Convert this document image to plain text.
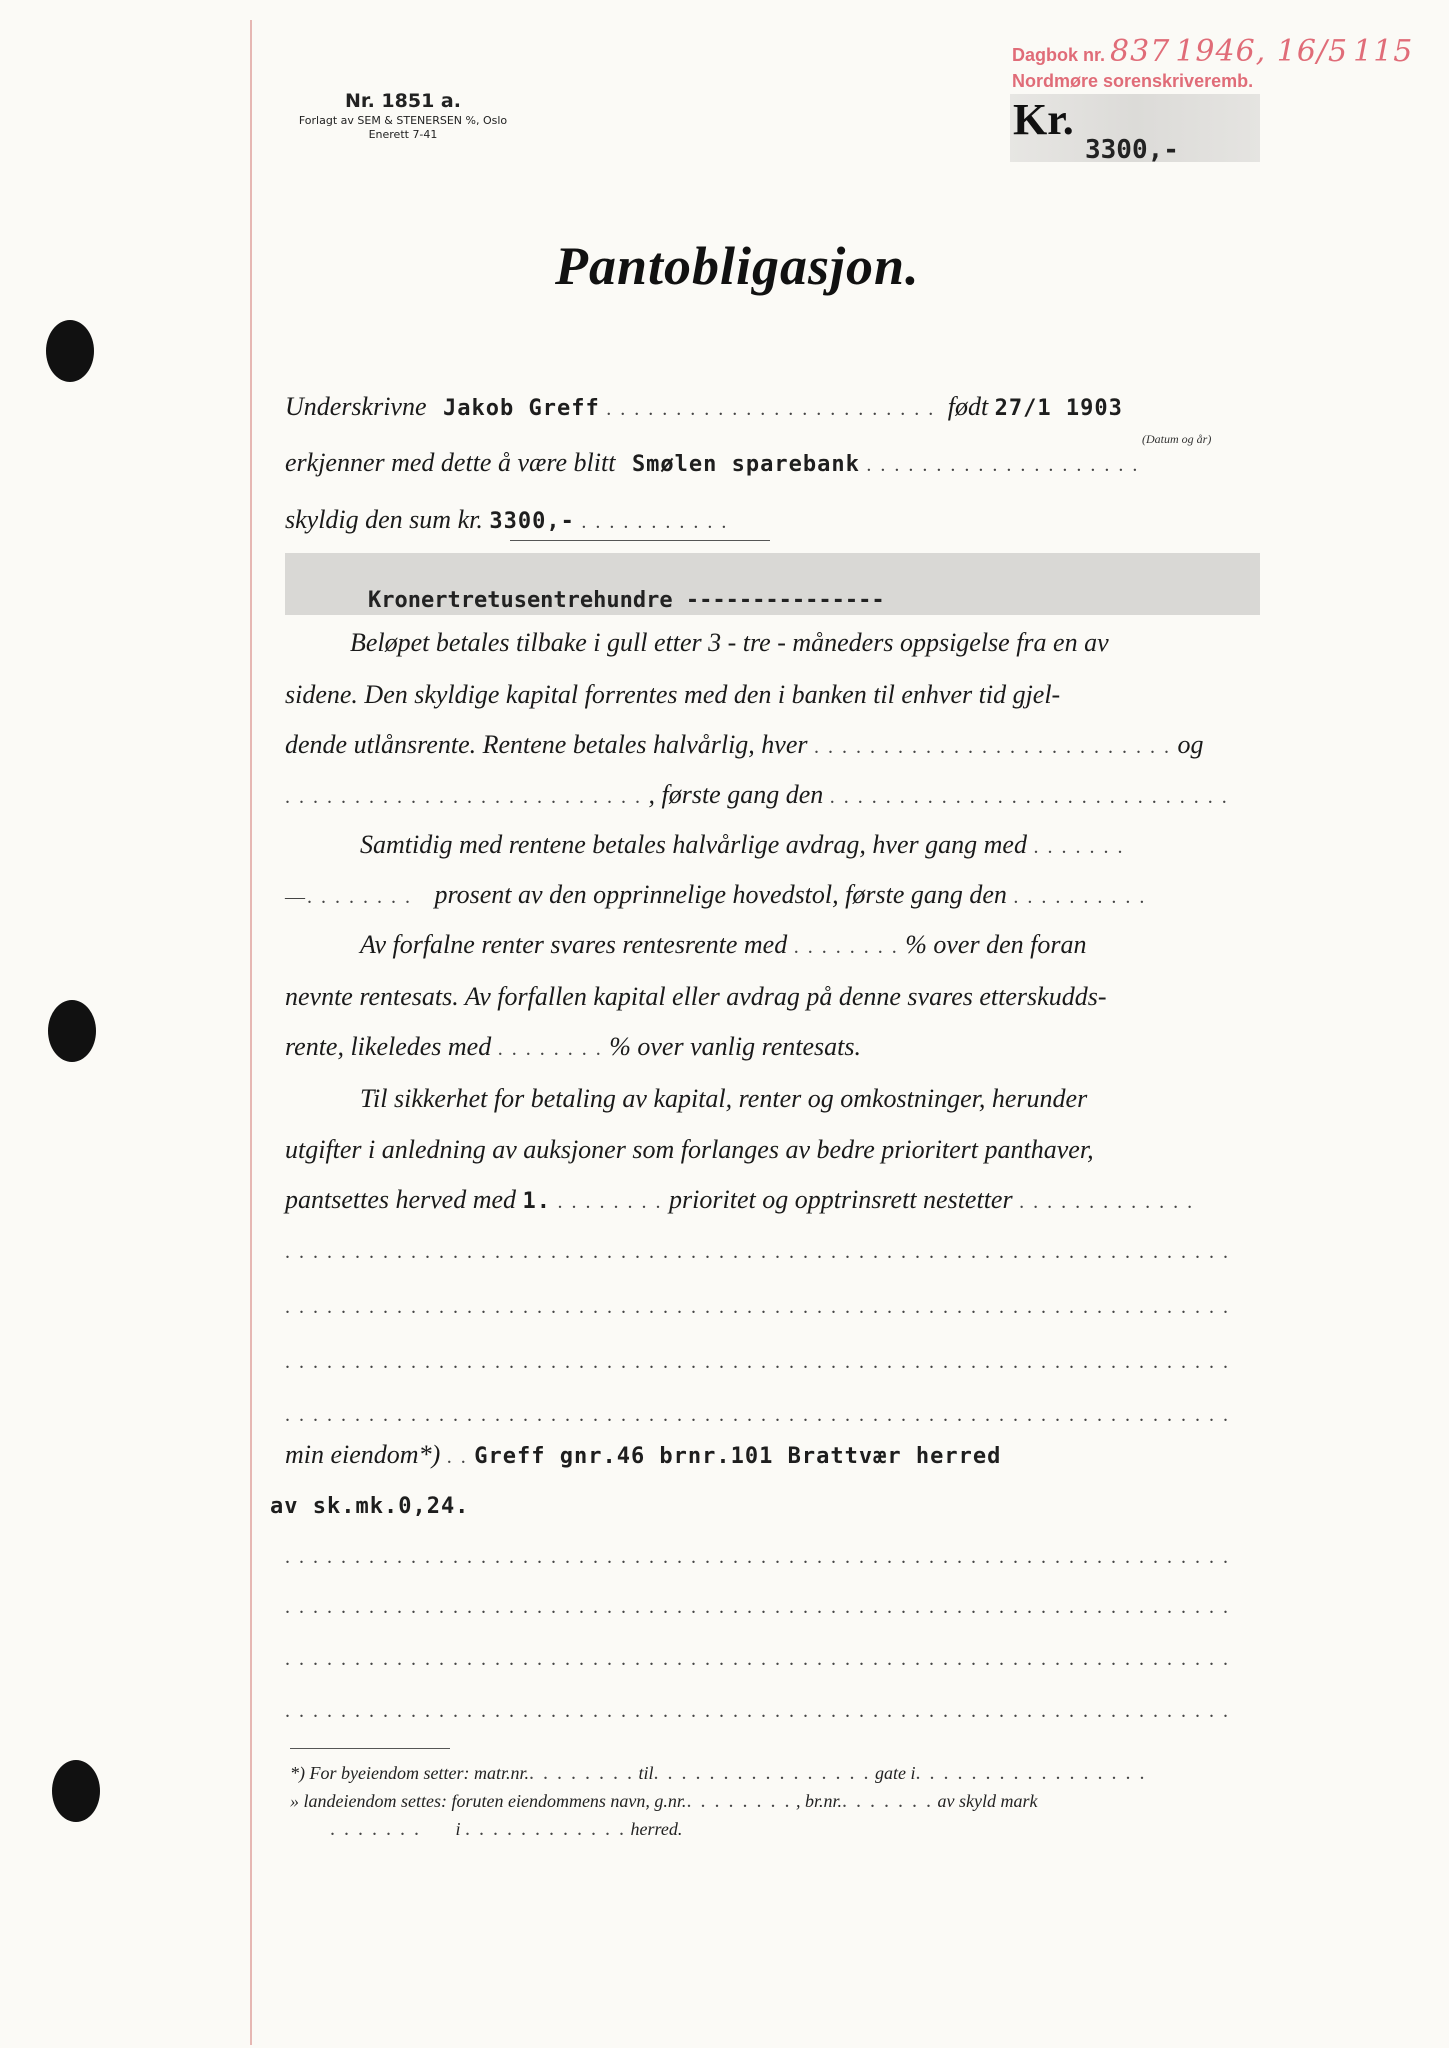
Nr. 1851 a.
Forlagt av SEM & STENERSEN %, Oslo
Enerett 7-41
Dagbok nr. 837 1946, 16/5 115
Nordmøre sorenskriveremb.
Kr.
3300,-
Pantobligasjon.
Underskrivne Jakob Greff . . . . . . . . . . . . . . . . . . . . . . . . født 27/1 1903
(Datum og år)
erkjenner med dette å være blitt Smølen sparebank . . . . . . . . . . . . . . . . . . . .
skyldig den sum kr. 3300,- . . . . . . . . . . .
Kronertretusentrehundre ---------------
Beløpet betales tilbake i gull etter 3 - tre - måneders oppsigelse fra en av
sidene. Den skyldige kapital forrentes med den i banken til enhver tid gjel-
dende utlånsrente. Rentene betales halvårlig, hver . . . . . . . . . . . . . . . . . . . . . . . . . . og
. . . . . . . . . . . . . . . . . . . . . . . . . . , første gang den . . . . . . . . . . . . . . . . . . . . . . . . . . . . .
Samtidig med rentene betales halvårlige avdrag, hver gang med . . . . . . .
—. . . . . . . . prosent av den opprinnelige hovedstol, første gang den . . . . . . . . . .
Av forfalne renter svares rentesrente med . . . . . . . . % over den foran
nevnte rentesats. Av forfallen kapital eller avdrag på denne svares etterskudds-
rente, likeledes med . . . . . . . . % over vanlig rentesats.
Til sikkerhet for betaling av kapital, renter og omkostninger, herunder
utgifter i anledning av auksjoner som forlanges av bedre prioritert panthaver,
pantsettes herved med 1. . . . . . . . . prioritet og opptrinsrett nestetter . . . . . . . . . . . . .
. . . . . . . . . . . . . . . . . . . . . . . . . . . . . . . . . . . . . . . . . . . . . . . . . . . . . . . . . . . . . . . . . . . .
. . . . . . . . . . . . . . . . . . . . . . . . . . . . . . . . . . . . . . . . . . . . . . . . . . . . . . . . . . . . . . . . . . . .
. . . . . . . . . . . . . . . . . . . . . . . . . . . . . . . . . . . . . . . . . . . . . . . . . . . . . . . . . . . . . . . . . . . .
. . . . . . . . . . . . . . . . . . . . . . . . . . . . . . . . . . . . . . . . . . . . . . . . . . . . . . . . . . . . . . . . . . . .
min eiendom*) . . Greff gnr.46 brnr.101 Brattvær herred
av sk.mk.0,24.
. . . . . . . . . . . . . . . . . . . . . . . . . . . . . . . . . . . . . . . . . . . . . . . . . . . . . . . . . . . . . . . . . . . .
. . . . . . . . . . . . . . . . . . . . . . . . . . . . . . . . . . . . . . . . . . . . . . . . . . . . . . . . . . . . . . . . . . . .
. . . . . . . . . . . . . . . . . . . . . . . . . . . . . . . . . . . . . . . . . . . . . . . . . . . . . . . . . . . . . . . . . . . .
. . . . . . . . . . . . . . . . . . . . . . . . . . . . . . . . . . . . . . . . . . . . . . . . . . . . . . . . . . . . . . . . . . . .
*) For byeiendom setter: matr.nr.. . . . . . . . til. . . . . . . . . . . . . . . . gate i. . . . . . . . . . . . . . . . .
» landeiendom settes: foruten eiendommens navn, g.nr.. . . . . . . . , br.nr.. . . . . . . av skyld mark
. . . . . . . i . . . . . . . . . . . . herred.
